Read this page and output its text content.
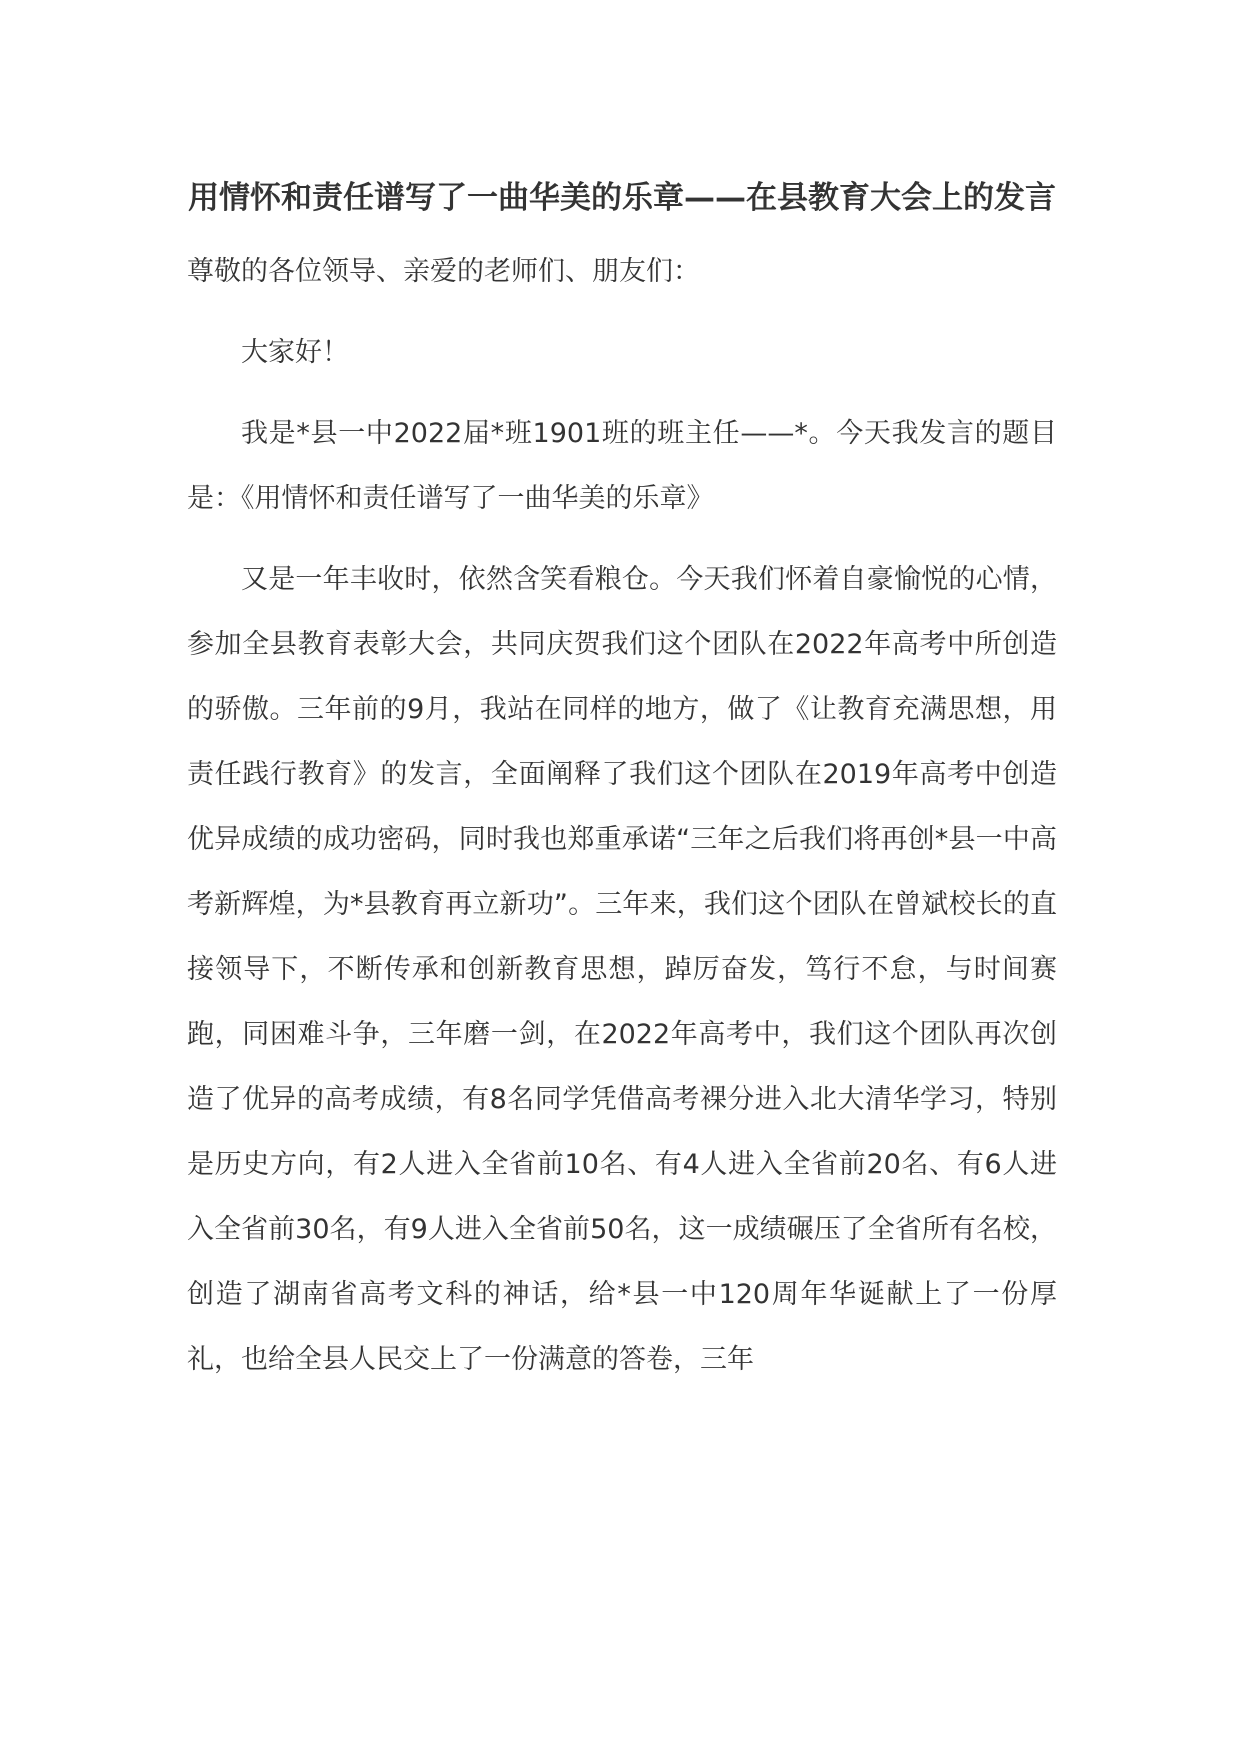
用情怀和责任谱写了一曲华美的乐章——在县教育大会上的发言

尊敬的各位领导、亲爱的老师们、朋友们：

大家好！

我是*县一中2022届*班1901班的班主任——*。今天我发言的题目是：《用情怀和责任谱写了一曲华美的乐章》

又是一年丰收时，依然含笑看粮仓。今天我们怀着自豪愉悦的心情，参加全县教育表彰大会，共同庆贺我们这个团队在2022年高考中所创造的骄傲。三年前的9月，我站在同样的地方，做了《让教育充满思想，用责任践行教育》的发言，全面阐释了我们这个团队在2019年高考中创造优异成绩的成功密码，同时我也郑重承诺“三年之后我们将再创*县一中高考新辉煌，为*县教育再立新功”。三年来，我们这个团队在曾斌校长的直接领导下，不断传承和创新教育思想，踔厉奋发，笃行不怠，与时间赛跑，同困难斗争，三年磨一剑，在2022年高考中，我们这个团队再次创造了优异的高考成绩，有8名同学凭借高考裸分进入北大清华学习，特别是历史方向，有2人进入全省前10名、有4人进入全省前20名、有6人进入全省前30名，有9人进入全省前50名，这一成绩碾压了全省所有名校，创造了湖南省高考文科的神话，给*县一中120周年华诞献上了一份厚礼，也给全县人民交上了一份满意的答卷，三年
